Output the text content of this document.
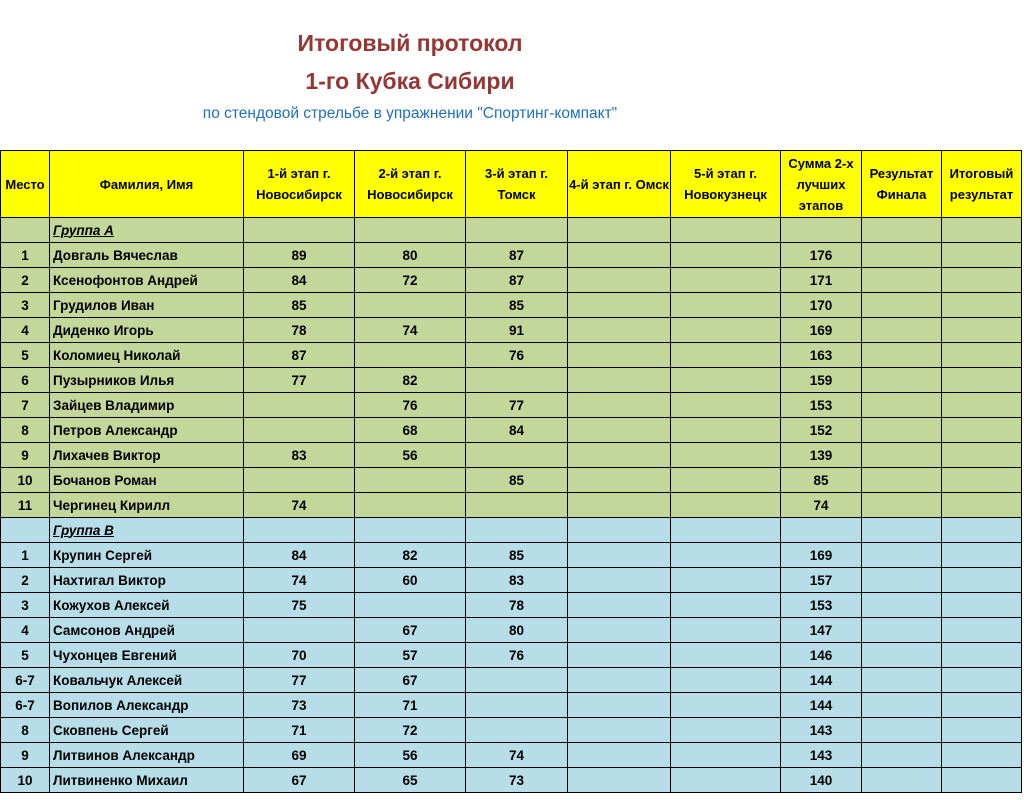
Итоговый протокол
1-го Кубка Сибири
по стендовой стрельбе в упражнении "Спортинг-компакт"
Место	Фамилия, Имя	1-й этап г. Новосибирск	2-й этап г. Новосибирск	3-й этап г. Томск	4-й этап г. Омск	5-й этап г. Новокузнецк	Сумма 2-х лучших этапов	Результат Финала	Итоговый результат
	Группа А								
1	Довгаль Вячеслав	89	80	87			176		
2	Ксенофонтов Андрей	84	72	87			171		
3	Грудилов Иван	85		85			170		
4	Диденко Игорь	78	74	91			169		
5	Коломиец Николай	87		76			163		
6	Пузырников Илья	77	82				159		
7	Зайцев Владимир		76	77			153		
8	Петров Александр		68	84			152		
9	Лихачев Виктор	83	56				139		
10	Бочанов Роман			85			85		
11	Чергинец Кирилл	74					74		
	Группа В								
1	Крупин Сергей	84	82	85			169		
2	Нахтигал Виктор	74	60	83			157		
3	Кожухов Алексей	75		78			153		
4	Самсонов Андрей		67	80			147		
5	Чухонцев Евгений	70	57	76			146		
6-7	Ковальчук Алексей	77	67				144		
6-7	Вопилов Александр	73	71				144		
8	Сковпень Сергей	71	72				143		
9	Литвинов Александр	69	56	74			143		
10	Литвиненко Михаил	67	65	73			140		
